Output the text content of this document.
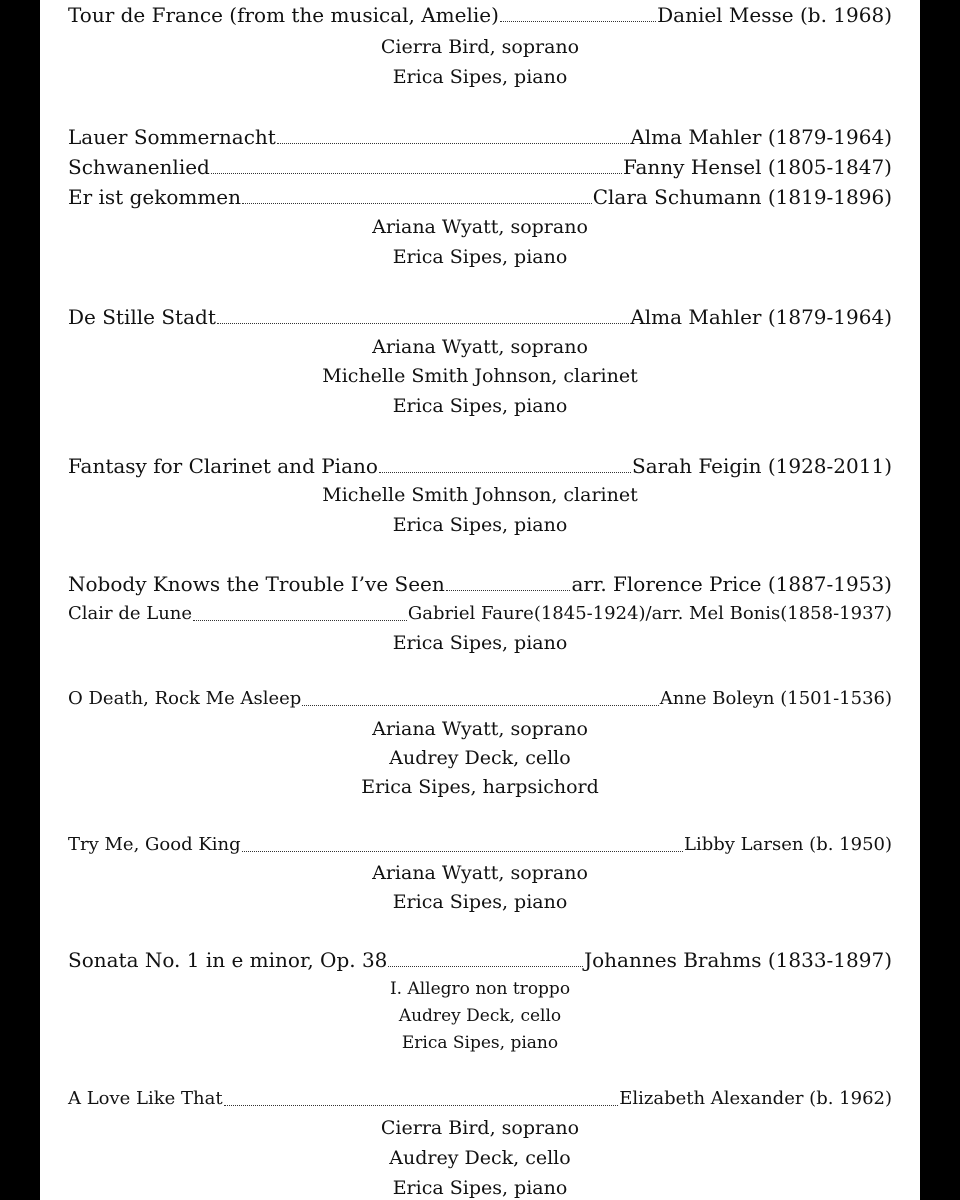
Tour de France (from the musical, Amelie)	Daniel Messe (b. 1968)
Cierra Bird, soprano
Erica Sipes, piano
Lauer Sommernacht	Alma Mahler (1879-1964)
Schwanenlied	Fanny Hensel (1805-1847)
Er ist gekommen	Clara Schumann (1819-1896)
Ariana Wyatt, soprano
Erica Sipes, piano
De Stille Stadt	Alma Mahler (1879-1964)
Ariana Wyatt, soprano
Michelle Smith Johnson, clarinet
Erica Sipes, piano
Fantasy for Clarinet and Piano	Sarah Feigin (1928-2011)
Michelle Smith Johnson, clarinet
Erica Sipes, piano
Nobody Knows the Trouble I’ve Seen	arr. Florence Price (1887-1953)
Clair de Lune	Gabriel Faure(1845-1924)/arr. Mel Bonis(1858-1937)
Erica Sipes, piano
O Death, Rock Me Asleep	Anne Boleyn (1501-1536)
Ariana Wyatt, soprano
Audrey Deck, cello
Erica Sipes, harpsichord
Try Me, Good King	Libby Larsen (b. 1950)
Ariana Wyatt, soprano
Erica Sipes, piano
Sonata No. 1 in e minor, Op. 38	Johannes Brahms (1833-1897)
I. Allegro non troppo
Audrey Deck, cello
Erica Sipes, piano
A Love Like That	Elizabeth Alexander (b. 1962)
Cierra Bird, soprano
Audrey Deck, cello
Erica Sipes, piano
